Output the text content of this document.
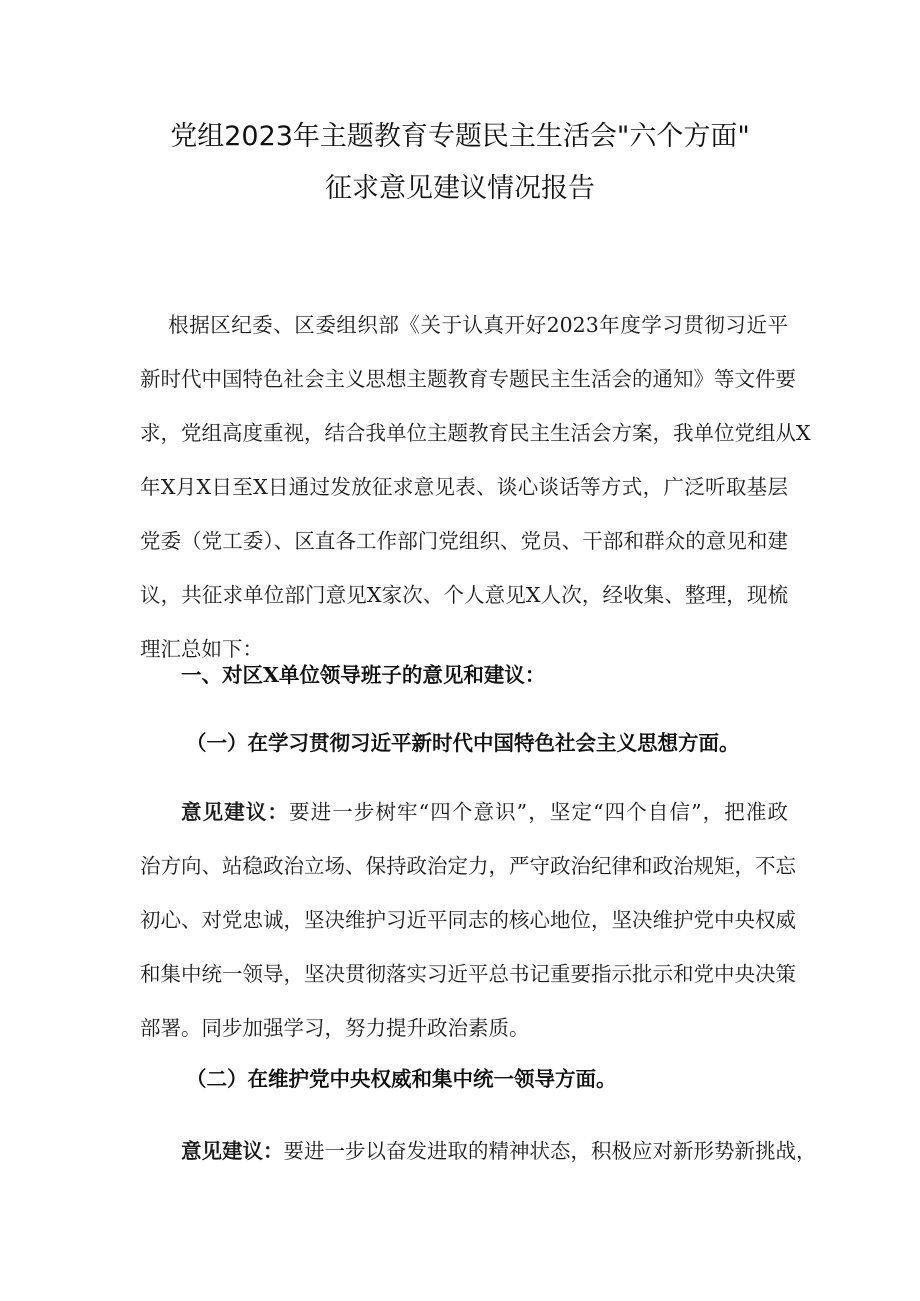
党组2023年主题教育专题民主生活会"六个方面"
征求意见建议情况报告
根据区纪委、区委组织部《关于认真开好2023年度学习贯彻习近平
新时代中国特色社会主义思想主题教育专题民主生活会的通知》等文件要
求，党组高度重视，结合我单位主题教育民主生活会方案，我单位党组从X
年X月X日至X日通过发放征求意见表、谈心谈话等方式，广泛听取基层
党委（党工委）、区直各工作部门党组织、党员、干部和群众的意见和建
议，共征求单位部门意见X家次、个人意见X人次，经收集、整理，现梳
理汇总如下：
一、对区X单位领导班子的意见和建议：
（一）在学习贯彻习近平新时代中国特色社会主义思想方面。
意见建议：要进一步树牢“四个意识”，坚定“四个自信”，把准政
治方向、站稳政治立场、保持政治定力，严守政治纪律和政治规矩，不忘
初心、对党忠诚，坚决维护习近平同志的核心地位，坚决维护党中央权威
和集中统一领导，坚决贯彻落实习近平总书记重要指示批示和党中央决策
部署。同步加强学习，努力提升政治素质。
（二）在维护党中央权威和集中统一领导方面。
意见建议：要进一步以奋发进取的精神状态，积极应对新形势新挑战，
